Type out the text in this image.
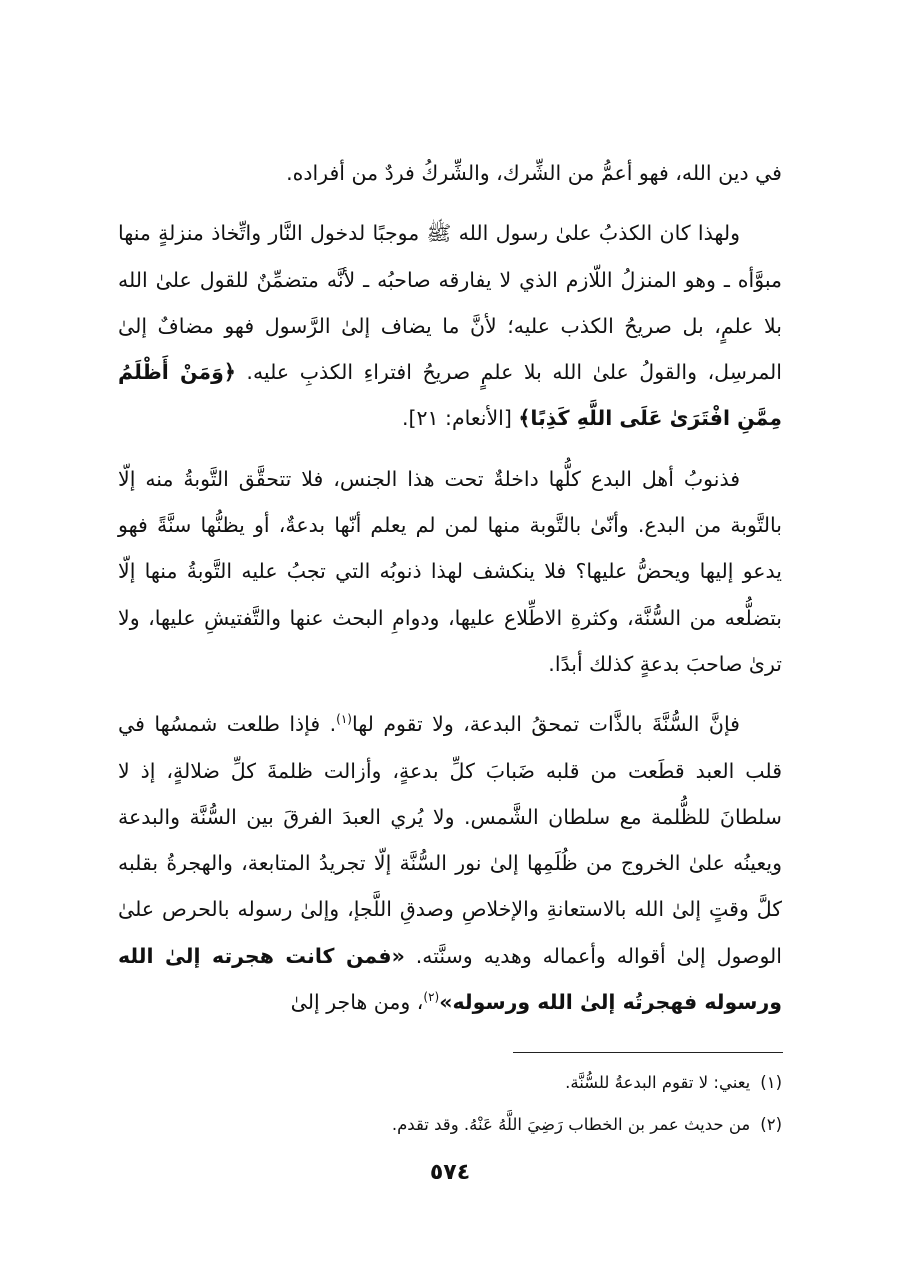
في دين الله، فهو أعمُّ من الشِّرك، والشِّركُ فردٌ من أفراده.

ولهذا كان الكذبُ علىٰ رسول الله ﷺ موجبًا لدخول النَّار واتِّخاذ منزلةٍ منها مبوَّأه ـ وهو المنزلُ اللّازم الذي لا يفارقه صاحبُه ـ لأنَّه متضمِّنٌ للقول علىٰ الله بلا علمٍ، بل صريحُ الكذب عليه؛ لأنَّ ما يضاف إلىٰ الرَّسول فهو مضافٌ إلىٰ المرسِل، والقولُ علىٰ الله بلا علمٍ صريحُ افتراءِ الكذبِ عليه. ﴿وَمَنْ أَظْلَمُ مِمَّنِ افْتَرَىٰ عَلَى اللَّهِ كَذِبًا﴾ [الأنعام: ٢١].

فذنوبُ أهل البدع كلُّها داخلةٌ تحت هذا الجنس، فلا تتحقَّق التَّوبةُ منه إلّا بالتَّوبة من البدع. وأنّىٰ بالتَّوبة منها لمن لم يعلم أنّها بدعةٌ، أو يظنُّها سنَّةً فهو يدعو إليها ويحضُّ عليها؟ فلا ينكشف لهذا ذنوبُه التي تجبُ عليه التَّوبةُ منها إلّا بتضلُّعه من السُّنَّة، وكثرةِ الاطِّلاع عليها، ودوامِ البحث عنها والتَّفتيشِ عليها، ولا ترىٰ صاحبَ بدعةٍ كذلك أبدًا.

فإنَّ السُّنَّةَ بالذَّات تمحقُ البدعة، ولا تقوم لها$^{(١)}$. فإذا طلعت شمسُها في قلب العبد قطَعت من قلبه ضَبابَ كلِّ بدعةٍ، وأزالت ظلمةَ كلِّ ضلالةٍ، إذ لا سلطانَ للظُّلمة مع سلطان الشَّمس. ولا يُري العبدَ الفرقَ بين السُّنَّة والبدعة ويعينُه علىٰ الخروج من ظُلَمِها إلىٰ نور السُّنَّة إلّا تجريدُ المتابعة، والهجرةُ بقلبه كلَّ وقتٍ إلىٰ الله بالاستعانةِ والإخلاصِ وصدقِ اللَّجإ، وإلىٰ رسوله بالحرص علىٰ الوصول إلىٰ أقواله وأعماله وهديه وسنَّته. «فمن كانت هجرته إلىٰ الله ورسوله فهجرتُه إلىٰ الله ورسوله»$^{(٢)}$، ومن هاجر إلىٰ

(١)يعني: لا تقوم البدعةُ للسُّنَّة.

(٢)من حديث عمر بن الخطاب رَضِيَ اللَّهُ عَنْهُ. وقد تقدم.

٥٧٤
